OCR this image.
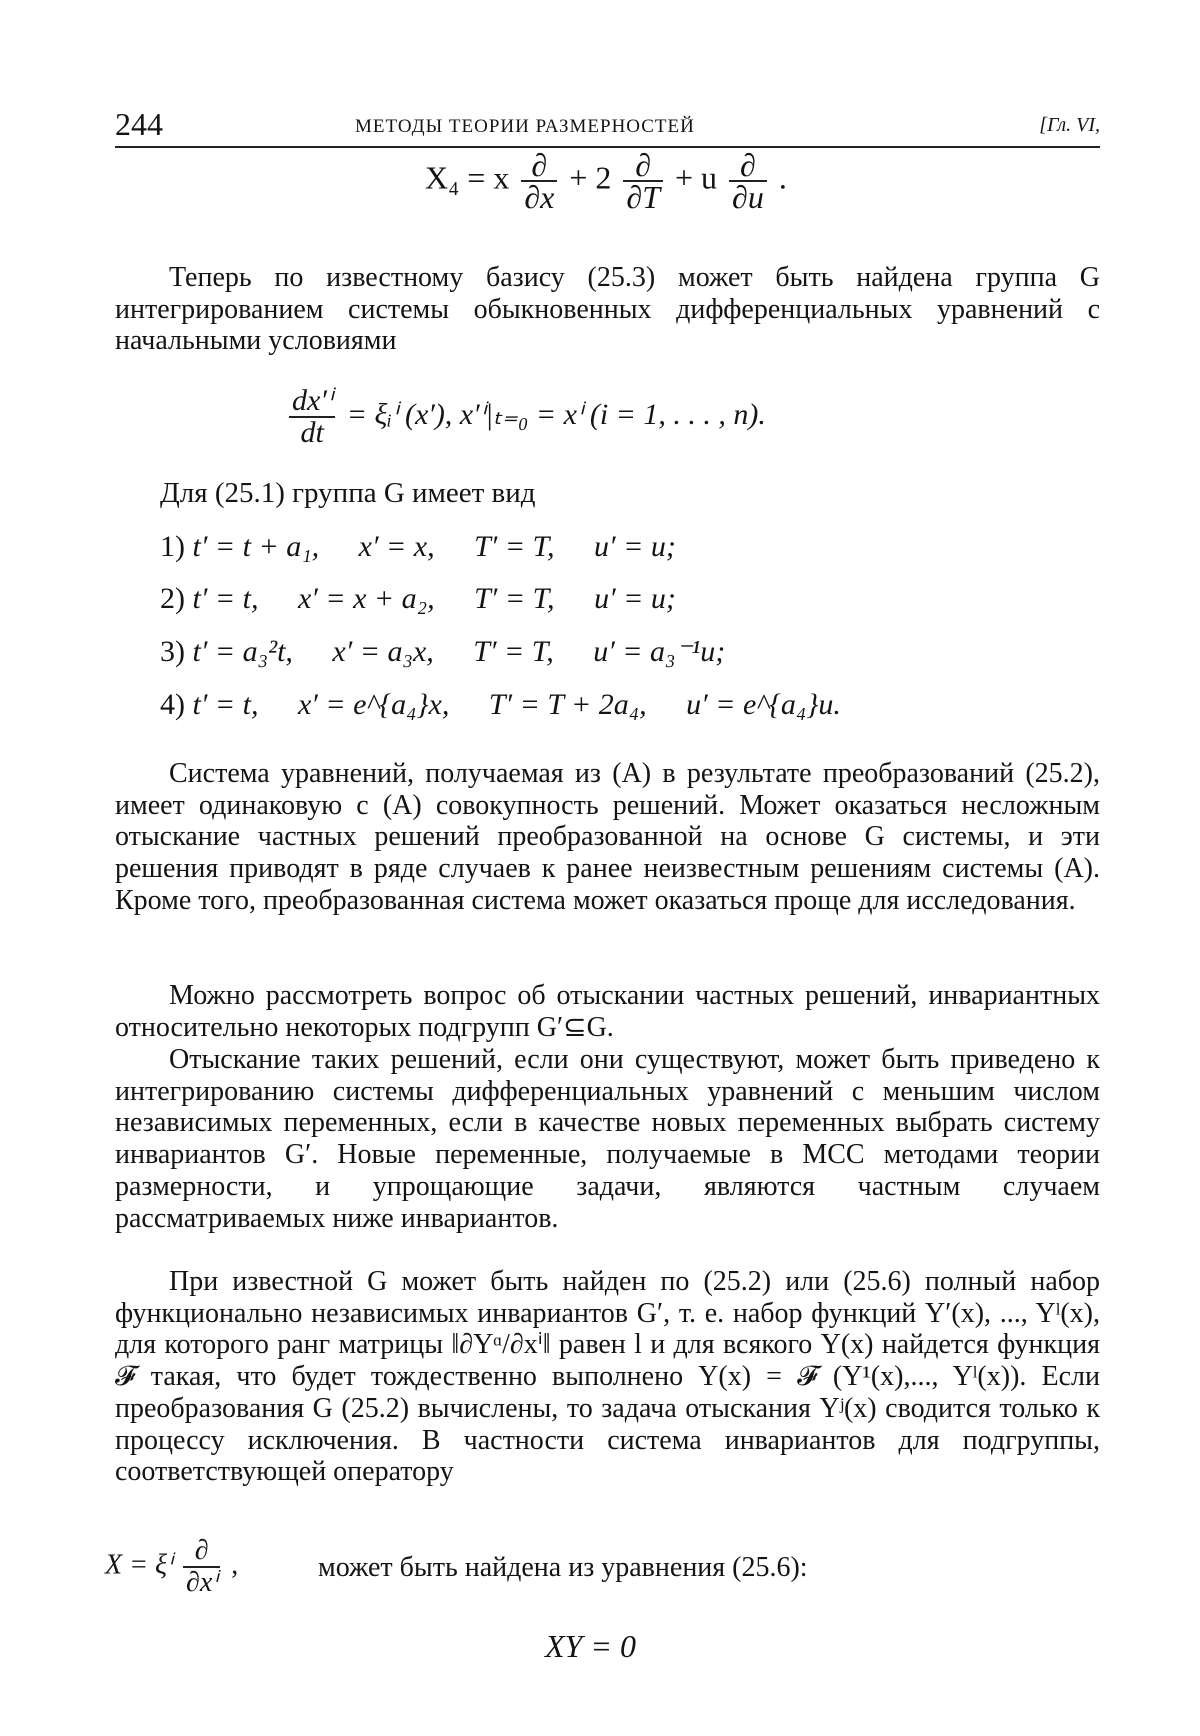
244	МЕТОДЫ ТЕОРИИ РАЗМЕРНОСТЕЙ	[Гл. VI,
X₄ = x $\frac{\partial}{\partial x} + 2 \frac{\partial}{\partial T} + u \frac{\partial}{\partial u}$ .

Теперь по известному базису (25.3) может быть найдена группа G интегрированием системы обыкновенных дифференциальных уравнений с начальными условиями

$\frac{\text{dx′ⁱ}}{dt}$ = ξᵢⁱ (x′), x′ⁱ|ₜ₌₀ = xⁱ (i = 1, . . . , n).

Для (25.1) группа G имеет вид

1) t′ = t + a₁, x′ = x, T′ = T, u′ = u;
2) t′ = t, x′ = x + a₂, T′ = T, u′ = u;
3) t′ = a₃²t, x′ = a₃x, T′ = T, u′ = a₃⁻¹u;
4) t′ = t, x′ = e^{a₄}x, T′ = T + 2a₄, u′ = e^{a₄}u.

Система уравнений, получаемая из (A) в результате преобразований (25.2), имеет одинаковую с (A) совокупность решений. Может оказаться несложным отыскание частных решений преобразованной на основе G системы, и эти решения приводят в ряде случаев к ранее неизвестным решениям системы (A). Кроме того, преобразованная система может оказаться проще для исследования.

Можно рассмотреть вопрос об отыскании частных решений, инвариантных относительно некоторых подгрупп G′⊆G.

Отыскание таких решений, если они существуют, может быть приведено к интегрированию системы дифференциальных уравнений с меньшим числом независимых переменных, если в качестве новых переменных выбрать систему инвариантов G′. Новые переменные, получаемые в МСС методами теории размерности, и упрощающие задачи, являются частным случаем рассматриваемых ниже инвариантов.

При известной G может быть найден по (25.2) или (25.6) полный набор функционально независимых инвариантов G′, т. е. набор функций Y′(x), ..., Yˡ(x), для которого ранг матрицы ‖∂Yᵅ/∂xⁱ‖ равен l и для всякого Y(x) найдется функция 𝓕 такая, что будет тождественно выполнено Y(x) = 𝓕 (Y¹(x),..., Yˡ(x)). Если преобразования G (25.2) вычислены, то задача отыскания Yʲ(x) сводится только к процессу исключения. В частности система инвариантов для подгруппы, соответствующей оператору

X = ξⁱ $\frac{\partial}{\text{∂xⁱ}}$ ,	может быть найдена из уравнения (25.6):
XY = 0
